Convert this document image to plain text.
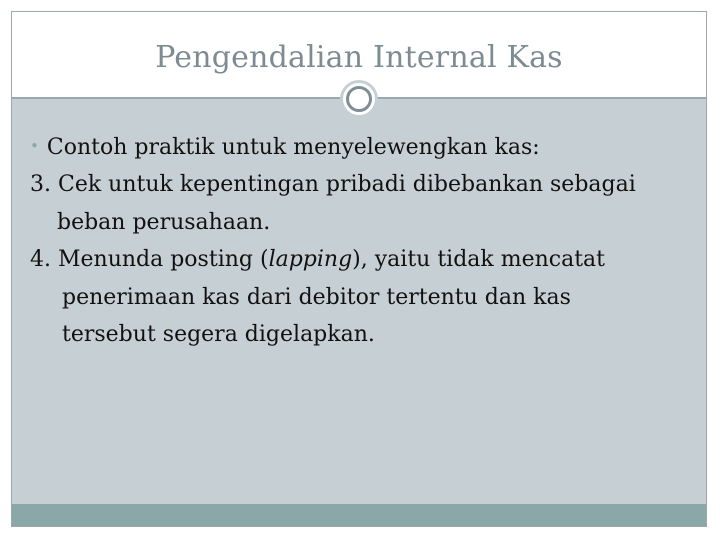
Pengendalian Internal Kas

• Contoh praktik untuk menyelewengkan kas:

3. Cek untuk kepentingan pribadi dibebankan sebagai

beban perusahaan.

4. Menunda posting (lapping), yaitu tidak mencatat

penerimaan kas dari debitor tertentu dan kas

tersebut segera digelapkan.
